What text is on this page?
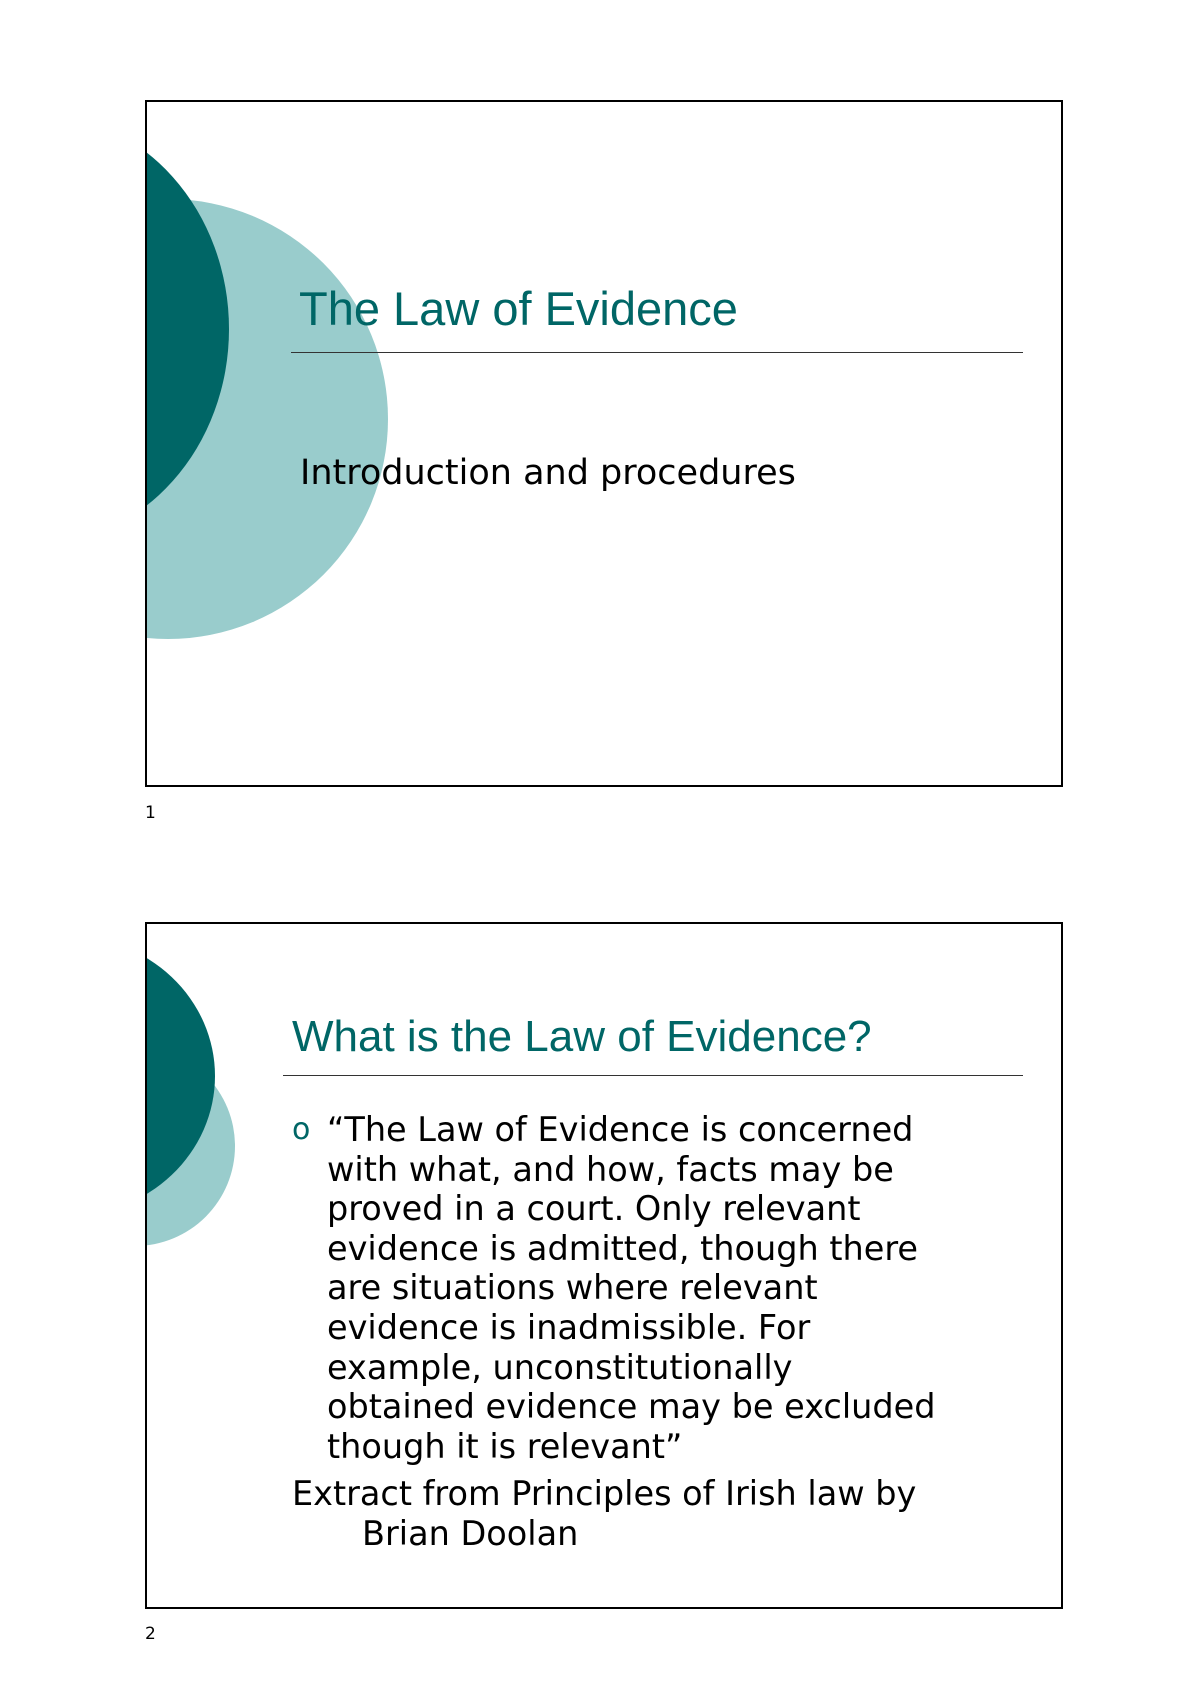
The Law of Evidence
Introduction and procedures
1
What is the Law of Evidence?
o “The Law of Evidence is concerned
with what, and how, facts may be
proved in a court. Only relevant
evidence is admitted, though there
are situations where relevant
evidence is inadmissible. For
example, unconstitutionally
obtained evidence may be excluded
though it is relevant”
Extract from Principles of Irish law by
Brian Doolan
2
